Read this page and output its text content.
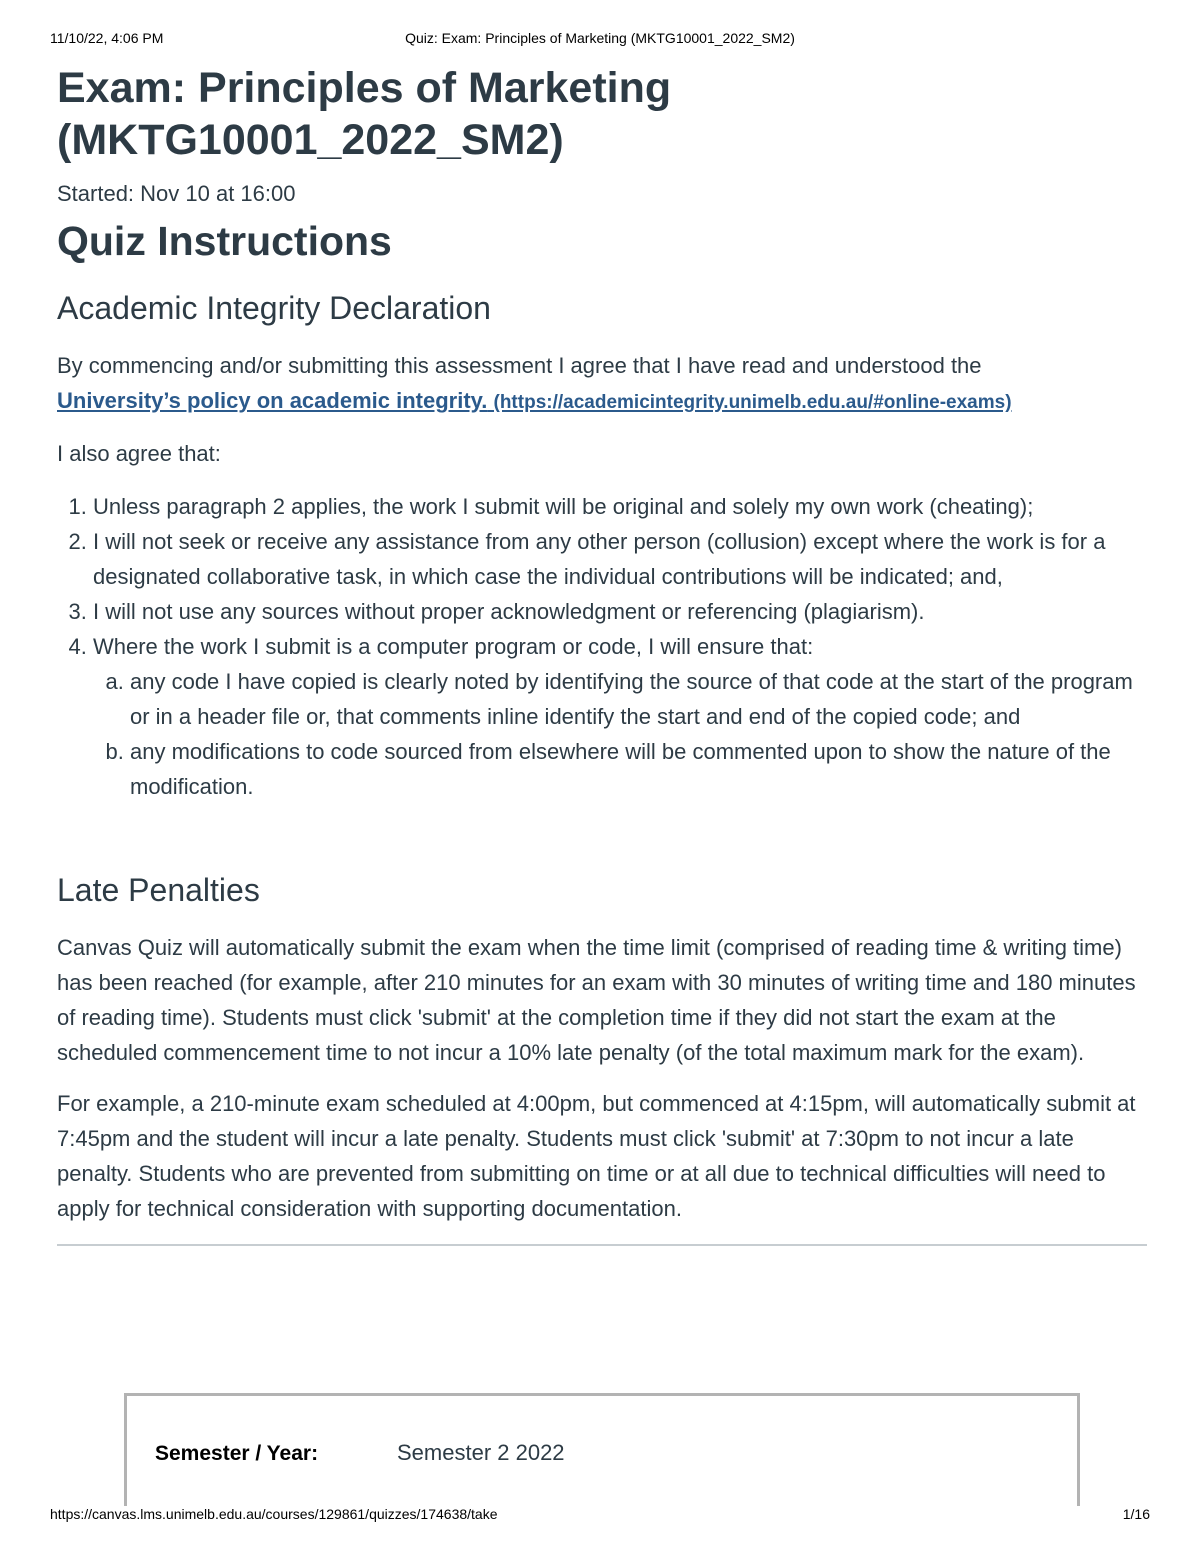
11/10/22, 4:06 PM	Quiz: Exam: Principles of Marketing (MKTG10001_2022_SM2)
Exam: Principles of Marketing
(MKTG10001_2022_SM2)
Started: Nov 10 at 16:00
Quiz Instructions
Academic Integrity Declaration

By commencing and/or submitting this assessment I agree that I have read and understood the
University’s policy on academic integrity. (https://academicintegrity.unimelb.edu.au/#online-exams)

I also agree that:

1. Unless paragraph 2 applies, the work I submit will be original and solely my own work (cheating);
2. I will not seek or receive any assistance from any other person (collusion) except where the work is for a designated collaborative task, in which case the individual contributions will be indicated; and,
3. I will not use any sources without proper acknowledgment or referencing (plagiarism).
4. Where the work I submit is a computer program or code, I will ensure that:
a. any code I have copied is clearly noted by identifying the source of that code at the start of the program or in a header file or, that comments inline identify the start and end of the copied code; and
b. any modifications to code sourced from elsewhere will be commented upon to show the nature of the modification.
Late Penalties

Canvas Quiz will automatically submit the exam when the time limit (comprised of reading time & writing time) has been reached (for example, after 210 minutes for an exam with 30 minutes of writing time and 180 minutes of reading time). Students must click 'submit' at the completion time if they did not start the exam at the scheduled commencement time to not incur a 10% late penalty (of the total maximum mark for the exam).

For example, a 210-minute exam scheduled at 4:00pm, but commenced at 4:15pm, will automatically submit at 7:45pm and the student will incur a late penalty. Students must click 'submit' at 7:30pm to not incur a late penalty. Students who are prevented from submitting on time or at all due to technical difficulties will need to apply for technical consideration with supporting documentation.

Semester / Year:	Semester 2 2022
https://canvas.lms.unimelb.edu.au/courses/129861/quizzes/174638/take	1/16
